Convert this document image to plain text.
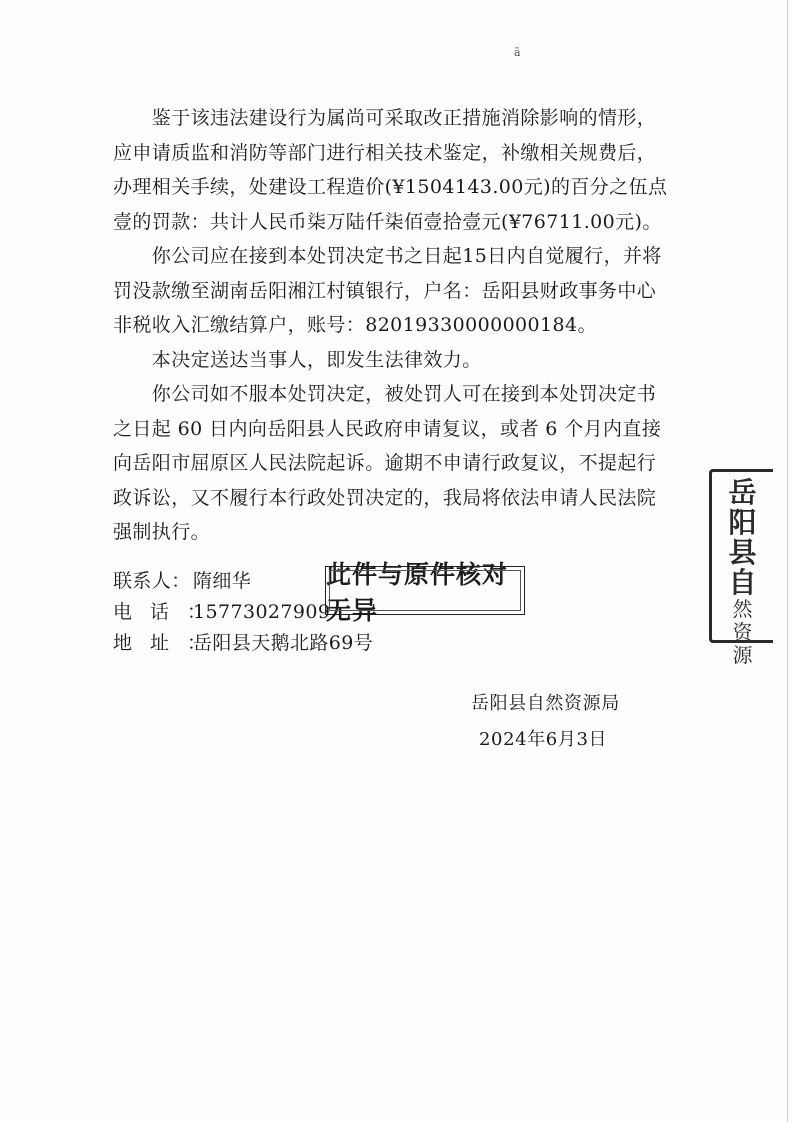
ã

　　鉴于该违法建设行为属尚可采取改正措施消除影响的情形，应申请质监和消防等部门进行相关技术鉴定，补缴相关规费后，办理相关手续，处建设工程造价(¥1504143.00元)的百分之伍点壹的罚款：共计人民币柒万陆仟柒佰壹拾壹元(¥76711.00元)。

　　你公司应在接到本处罚决定书之日起15日内自觉履行，并将罚没款缴至湖南岳阳湘江村镇银行，户名：岳阳县财政事务中心非税收入汇缴结算户，账号：82019330000000184。

　　本决定送达当事人，即发生法律效力。

　　你公司如不服本处罚决定，被处罚人可在接到本处罚决定书之日起 60 日内向岳阳县人民政府申请复议，或者 6 个月内直接向岳阳市屈原区人民法院起诉。逾期不申请行政复议，不提起行政诉讼，又不履行本行政处罚决定的，我局将依法申请人民法院强制执行。

联系人： 隋细华
电话：15773027909
地址：岳阳县天鹅北路69号
此件与原件核对无异
岳
阳
县
自
然
资
源
岳阳县自然资源局
2024年6月3日
